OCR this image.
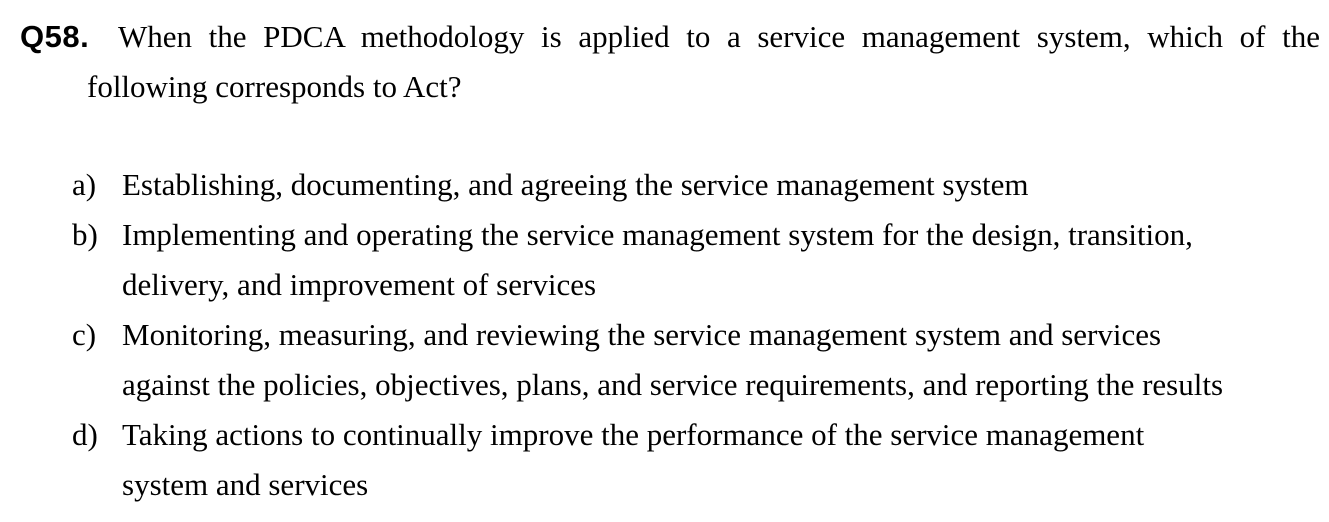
Q58. When the PDCA methodology is applied to a service management system, which of the
following corresponds to Act?
a) Establishing, documenting, and agreeing the service management system
b) Implementing and operating the service management system for the design, transition,
delivery, and improvement of services
c) Monitoring, measuring, and reviewing the service management system and services
against the policies, objectives, plans, and service requirements, and reporting the results
d) Taking actions to continually improve the performance of the service management
system and services
